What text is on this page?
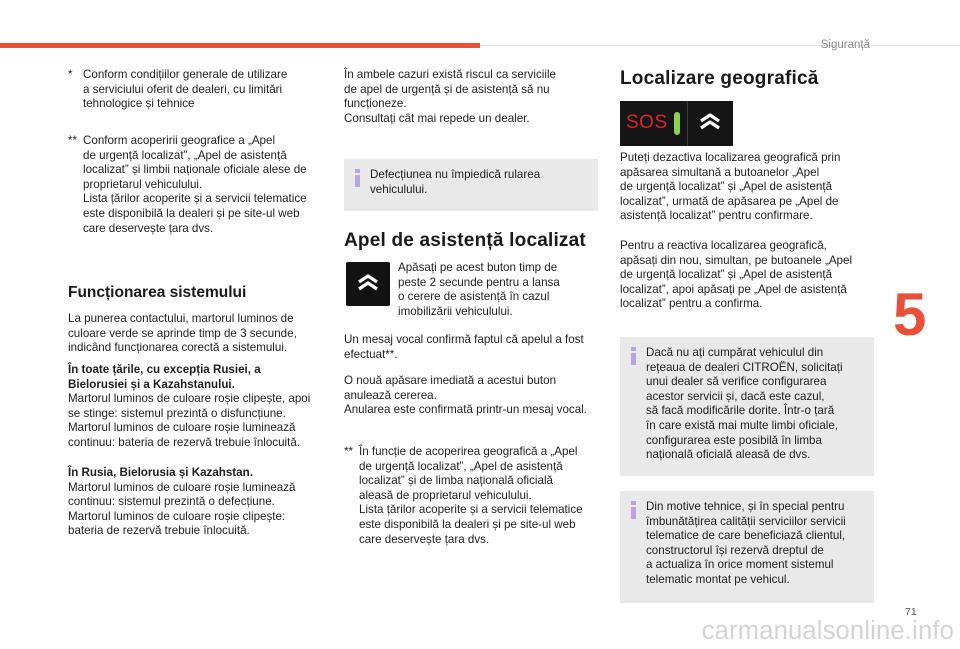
Siguranță
5
* Conform condițiilor generale de utilizare
a serviciului oferit de dealeri, cu limitări
tehnologice și tehnice

** Conform acoperirii geografice a „Apel
de urgență localizat”, „Apel de asistență
localizat” și limbii naționale oficiale alese de
proprietarul vehiculului.
Lista țărilor acoperite și a servicii telematice
este disponibilă la dealeri și pe site-ul web
care deservește țara dvs.

Funcționarea sistemului

La punerea contactului, martorul luminos de
culoare verde se aprinde timp de 3 secunde,
indicând funcționarea corectă a sistemului.

În toate țările, cu excepția Rusiei, a
Bielorusiei și a Kazahstanului.
Martorul luminos de culoare roșie clipește, apoi
se stinge: sistemul prezintă o disfuncțiune.
Martorul luminos de culoare roșie luminează
continuu: bateria de rezervă trebuie înlocuită.

În Rusia, Bielorusia și Kazahstan.
Martorul luminos de culoare roșie luminează
continuu: sistemul prezintă o defecțiune.
Martorul luminos de culoare roșie clipește:
bateria de rezervă trebuie înlocuită.

În ambele cazuri există riscul ca serviciile
de apel de urgență și de asistență să nu
funcționeze.
Consultați cât mai repede un dealer.

Defecțiunea nu împiedică rularea
vehiculului.

Apel de asistență localizat

Apăsați pe acest buton timp de
peste 2 secunde pentru a lansa
o cerere de asistență în cazul
imobilizării vehiculului.

Un mesaj vocal confirmă faptul că apelul a fost
efectuat**.

O nouă apăsare imediată a acestui buton
anulează cererea.
Anularea este confirmată printr-un mesaj vocal.

** În funcție de acoperirea geografică a „Apel
de urgență localizat”, „Apel de asistență
localizat” și de limba națională oficială
aleasă de proprietarul vehiculului.
Lista țărilor acoperite și a servicii telematice
este disponibilă la dealeri și pe site-ul web
care deservește țara dvs.

Localizare geografică
SOS

Puteți dezactiva localizarea geografică prin
apăsarea simultană a butoanelor „Apel
de urgență localizat” și „Apel de asistență
localizat”, urmată de apăsarea pe „Apel de
asistență localizat” pentru confirmare.

Pentru a reactiva localizarea geografică,
apăsați din nou, simultan, pe butoanele „Apel
de urgență localizat” și „Apel de asistență
localizat”, apoi apăsați pe „Apel de asistență
localizat” pentru a confirma.

Dacă nu ați cumpărat vehiculul din
rețeaua de dealeri CITROËN, solicitați
unui dealer să verifice configurarea
acestor servicii și, dacă este cazul,
să facă modificările dorite. Într-o țară
în care există mai multe limbi oficiale,
configurarea este posibilă în limba
națională oficială aleasă de dvs.

Din motive tehnice, și în special pentru
îmbunătățirea calității serviciilor servicii
telematice de care beneficiază clientul,
constructorul își rezervă dreptul de
a actualiza în orice moment sistemul
telematic montat pe vehicul.

71
carmanualsonline.info
